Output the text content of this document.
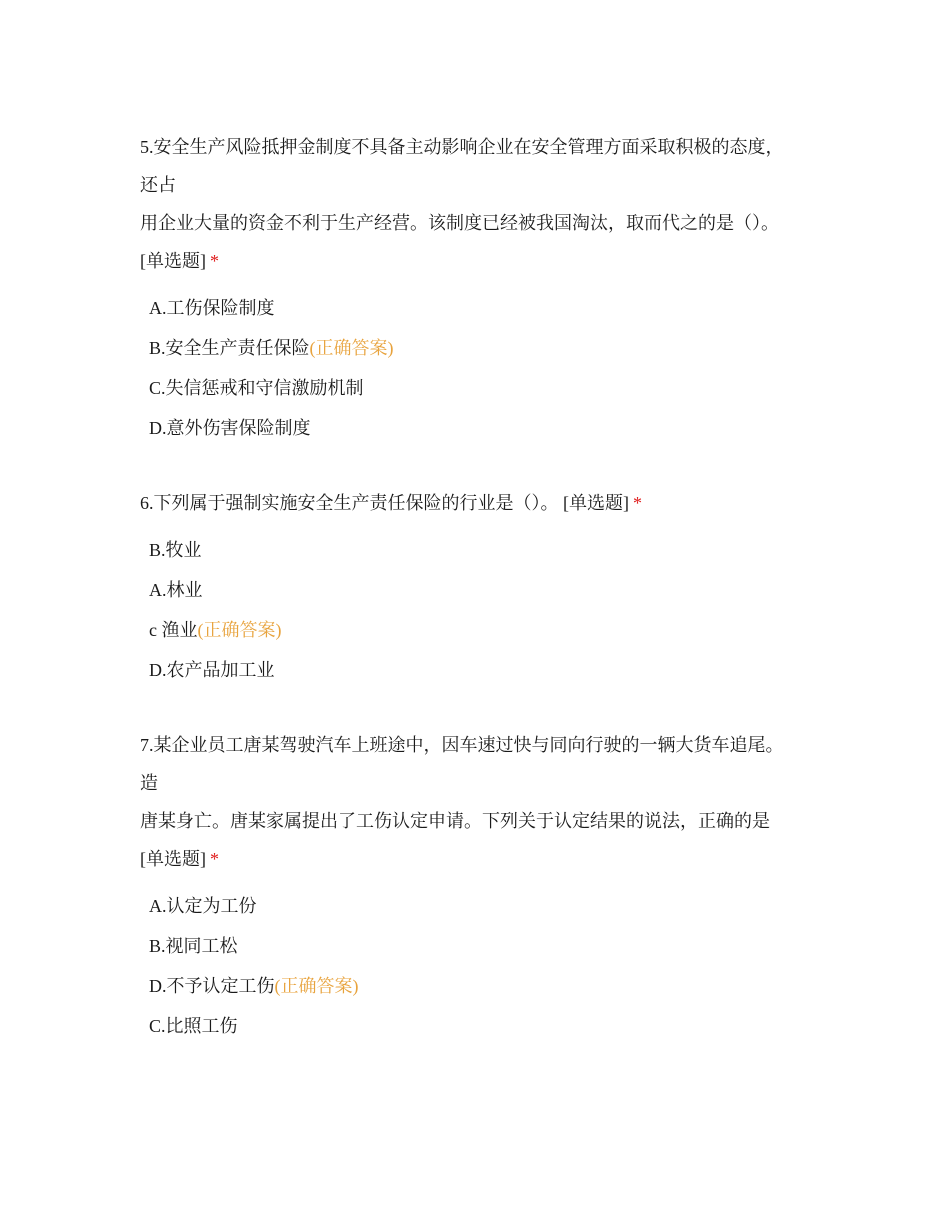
5.安全生产风险抵押金制度不具备主动影响企业在安全管理方面采取积极的态度，
还占
用企业大量的资金不利于生产经营。该制度已经被我国淘汰，取而代之的是（）。
[单选题] *
A.工伤保险制度
B.安全生产责任保险(正确答案)
C.失信惩戒和守信激励机制
D.意外伤害保险制度
6.下列属于强制实施安全生产责任保险的行业是（）。 [单选题] *
B.牧业
A.林业
c 渔业(正确答案)
D.农产品加工业
7.某企业员工唐某驾驶汽车上班途中，因车速过快与同向行驶的一辆大货车追尾。
造
唐某身亡。唐某家属提出了工伤认定申请。下列关于认定结果的说法，正确的是
[单选题] *
A.认定为工份
B.视同工松
D.不予认定工伤(正确答案)
C.比照工伤
